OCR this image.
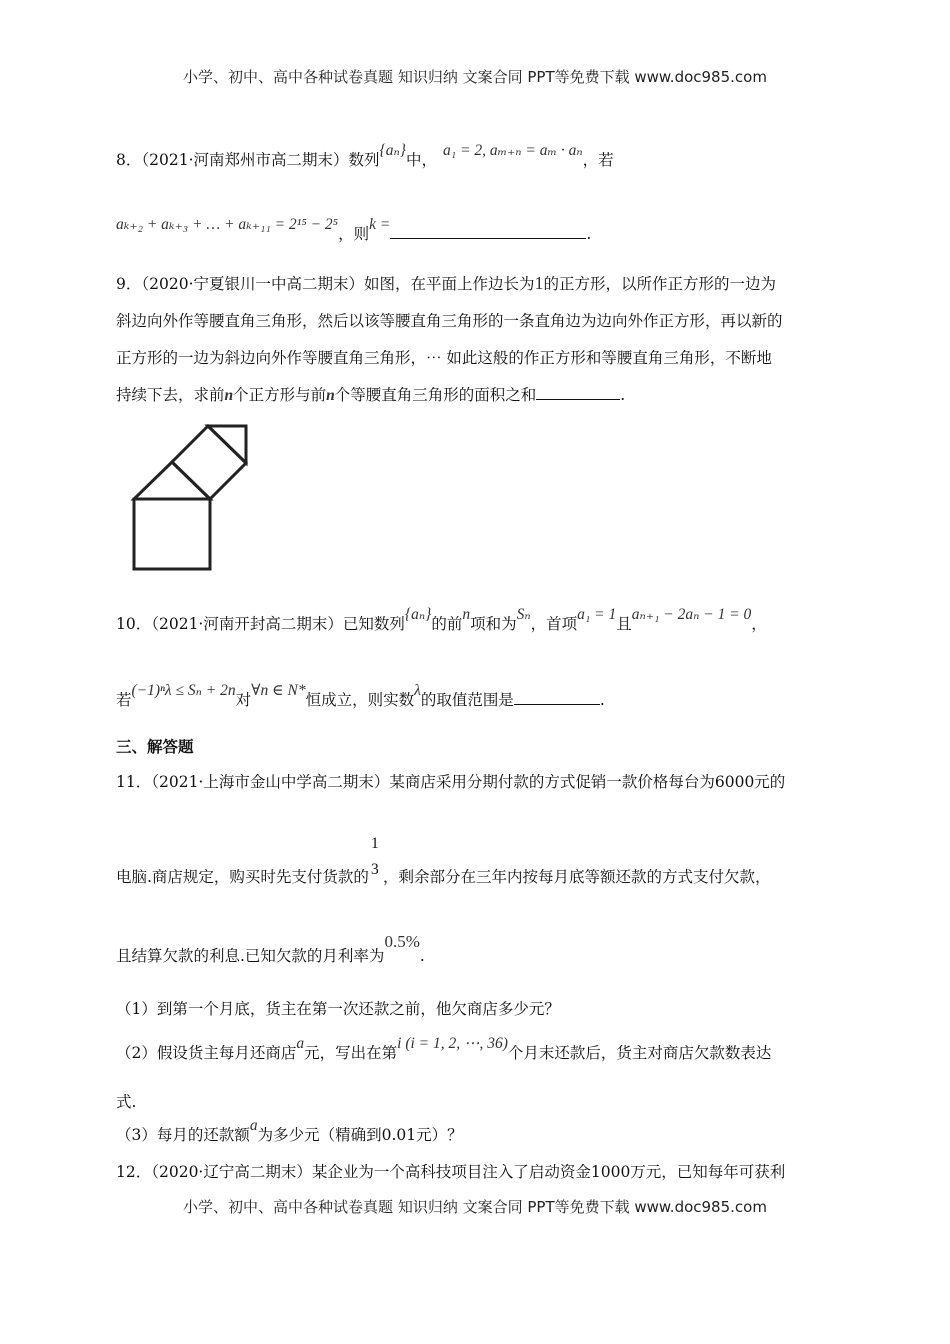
小学、初中、高中各种试卷真题 知识归纳 文案合同 PPT等免费下载 www.doc985.com
8．（2021·河南郑州市高二期末）数列{aₙ}中，a₁ = 2, aₘ₊ₙ = aₘ · aₙ，若
aₖ₊₂ + aₖ₊₃ + … + aₖ₊₁₁ = 2¹⁵ − 2⁵，则k =.
9．（2020·宁夏银川一中高二期末）如图，在平面上作边长为1的正方形，以所作正方形的一边为
斜边向外作等腰直角三角形，然后以该等腰直角三角形的一条直角边为边向外作正方形，再以新的
正方形的一边为斜边向外作等腰直角三角形，⋯ 如此这般的作正方形和等腰直角三角形，不断地
持续下去，求前n个正方形与前n个等腰直角三角形的面积之和	.
10．（2021·河南开封高二期末）已知数列{aₙ}的前n项和为Sₙ，首项a₁ = 1且aₙ₊₁ − 2aₙ − 1 = 0，
若(−1)ⁿλ ≤ Sₙ + 2n对∀n ∈ N*恒成立，则实数λ的取值范围是	.
三、解答题
11．（2021·上海市金山中学高二期末）某商店采用分期付款的方式促销一款价格每台为6000元的
电脑.商店规定，购买时先支付货款的
1
3 ，剩余部分在三年内按每月底等额还款的方式支付欠款，
且结算欠款的利息.已知欠款的月利率为0.5%.
（1）到第一个月底，货主在第一次还款之前，他欠商店多少元？
（2）假设货主每月还商店a元，写出在第i (i = 1, 2, ⋯, 36)个月末还款后，货主对商店欠款数表达
式.
（3）每月的还款额a为多少元（精确到0.01元）？
12．（2020·辽宁高二期末）某企业为一个高科技项目注入了启动资金1000万元，已知每年可获利
小学、初中、高中各种试卷真题 知识归纳 文案合同 PPT等免费下载 www.doc985.com
